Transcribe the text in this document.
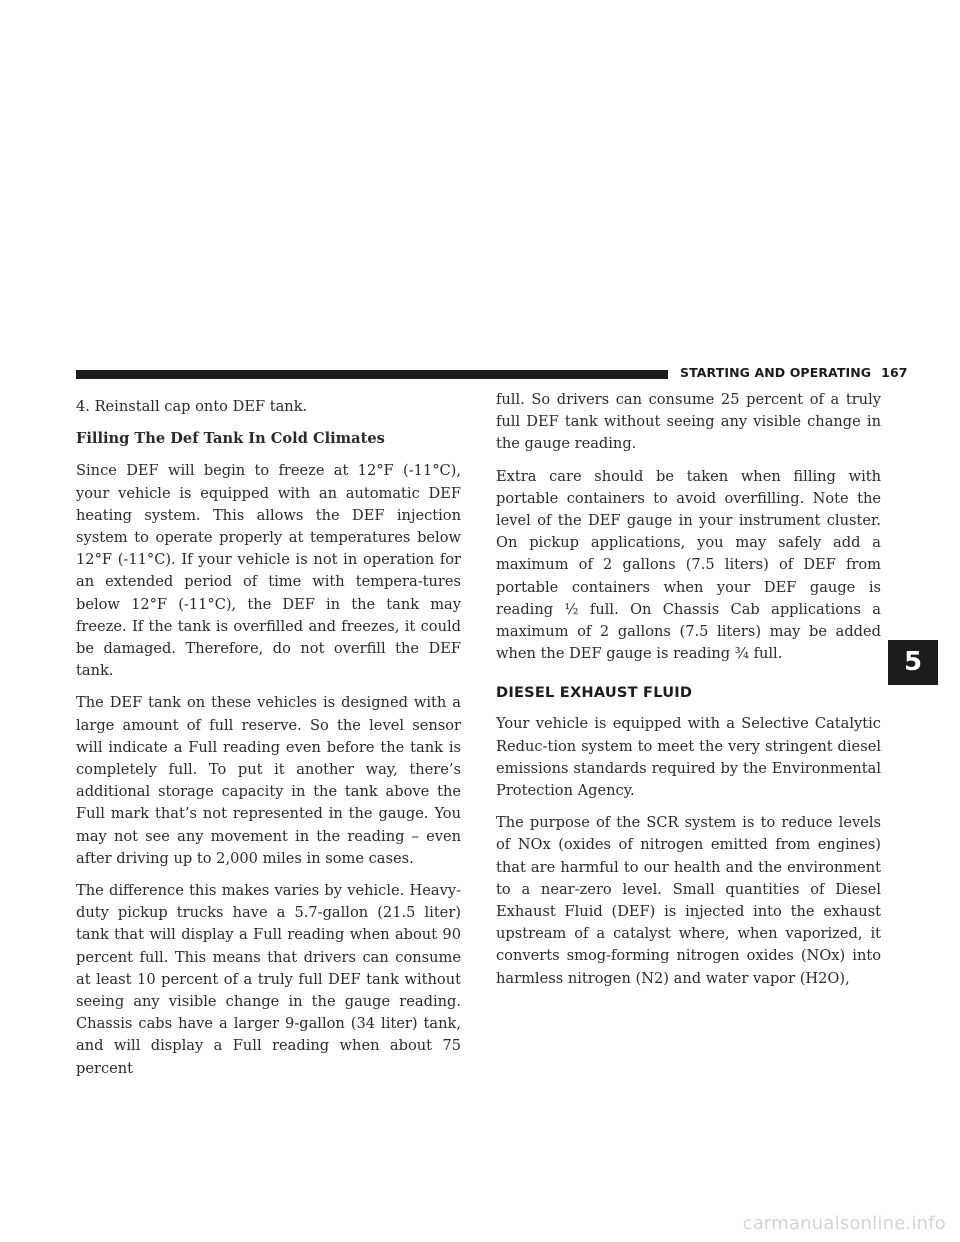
STARTING AND OPERATING 167

4. Reinstall cap onto DEF tank.

Filling The Def Tank In Cold Climates

Since DEF will begin to freeze at 12°F (-11°C), your vehicle is equipped with an automatic DEF heating system. This allows the DEF injection system to operate properly at temperatures below 12°F (-11°C). If your vehicle is not in operation for an extended period of time with tempera-tures below 12°F (-11°C), the DEF in the tank may freeze. If the tank is overfilled and freezes, it could be damaged. Therefore, do not overfill the DEF tank.

The DEF tank on these vehicles is designed with a large amount of full reserve. So the level sensor will indicate a Full reading even before the tank is completely full. To put it another way, there’s additional storage capacity in the tank above the Full mark that’s not represented in the gauge. You may not see any movement in the reading – even after driving up to 2,000 miles in some cases.

The difference this makes varies by vehicle. Heavy-duty pickup trucks have a 5.7-gallon (21.5 liter) tank that will display a Full reading when about 90 percent full. This means that drivers can consume at least 10 percent of a truly full DEF tank without seeing any visible change in the gauge reading. Chassis cabs have a larger 9-gallon (34 liter) tank, and will display a Full reading when about 75 percent

full. So drivers can consume 25 percent of a truly full DEF tank without seeing any visible change in the gauge reading.

Extra care should be taken when filling with portable containers to avoid overfilling. Note the level of the DEF gauge in your instrument cluster. On pickup applications, you may safely add a maximum of 2 gallons (7.5 liters) of DEF from portable containers when your DEF gauge is reading ½ full. On Chassis Cab applications a maximum of 2 gallons (7.5 liters) may be added when the DEF gauge is reading ¾ full.

DIESEL EXHAUST FLUID

Your vehicle is equipped with a Selective Catalytic Reduc-tion system to meet the very stringent diesel emissions standards required by the Environmental Protection Agency.

The purpose of the SCR system is to reduce levels of NOx (oxides of nitrogen emitted from engines) that are harmful to our health and the environment to a near-zero level. Small quantities of Diesel Exhaust Fluid (DEF) is injected into the exhaust upstream of a catalyst where, when vaporized, it converts smog-forming nitrogen oxides (NOx) into harmless nitrogen (N2) and water vapor (H2O),

5
carmanualsonline.info
